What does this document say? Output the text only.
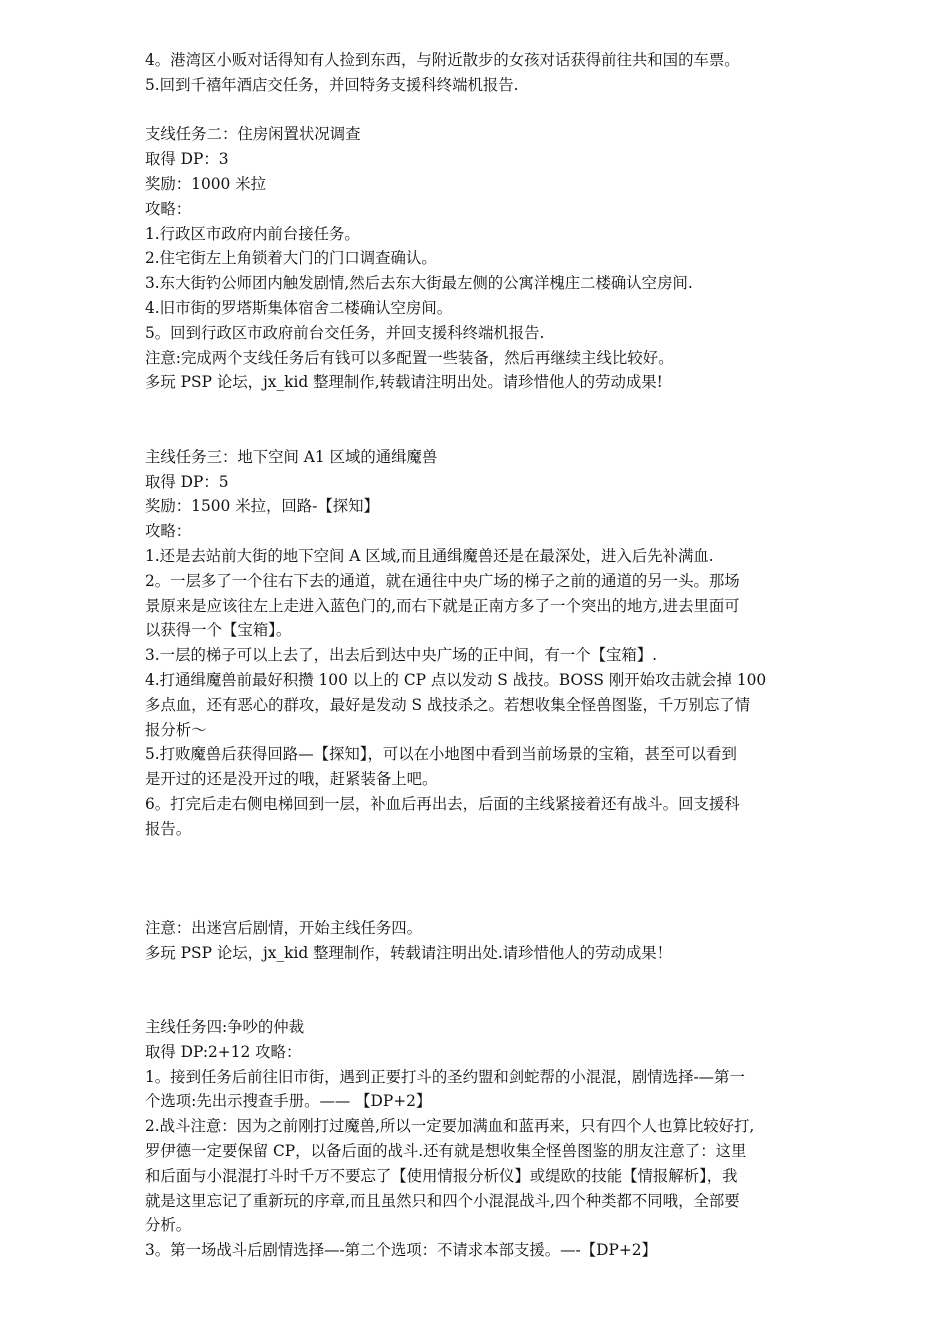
4。港湾区小贩对话得知有人捡到东西，与附近散步的女孩对话获得前往共和国的车票。

5.回到千禧年酒店交任务，并回特务支援科终端机报告.

支线任务二：住房闲置状况调查

取得 DP：3

奖励：1000 米拉

攻略：

1.行政区市政府内前台接任务。

2.住宅街左上角锁着大门的门口调查确认。

3.东大街钓公师团内触发剧情,然后去东大街最左侧的公寓洋槐庄二楼确认空房间.

4.旧市街的罗塔斯集体宿舍二楼确认空房间。

5。回到行政区市政府前台交任务，并回支援科终端机报告.

注意:完成两个支线任务后有钱可以多配置一些装备，然后再继续主线比较好。

多玩 PSP 论坛，jx_kid 整理制作,转载请注明出处。请珍惜他人的劳动成果!

主线任务三：地下空间 A1 区域的通缉魔兽

取得 DP：5

奖励：1500 米拉，回路-【探知】

攻略：

1.还是去站前大街的地下空间 A 区域,而且通缉魔兽还是在最深处，进入后先补满血.

2。一层多了一个往右下去的通道，就在通往中央广场的梯子之前的通道的另一头。那场

景原来是应该往左上走进入蓝色门的,而右下就是正南方多了一个突出的地方,进去里面可

以获得一个【宝箱】。

3.一层的梯子可以上去了，出去后到达中央广场的正中间，有一个【宝箱】.

4.打通缉魔兽前最好积攒 100 以上的 CP 点以发动 S 战技。BOSS 刚开始攻击就会掉 100

多点血，还有恶心的群攻，最好是发动 S 战技杀之。若想收集全怪兽图鉴，千万别忘了情

报分析～

5.打败魔兽后获得回路—【探知】，可以在小地图中看到当前场景的宝箱，甚至可以看到

是开过的还是没开过的哦，赶紧装备上吧。

6。打完后走右侧电梯回到一层，补血后再出去，后面的主线紧接着还有战斗。回支援科

报告。

注意：出迷宫后剧情，开始主线任务四。

多玩 PSP 论坛，jx_kid 整理制作，转载请注明出处.请珍惜他人的劳动成果！

主线任务四:争吵的仲裁

取得 DP:2+12 攻略：

1。接到任务后前往旧市街，遇到正要打斗的圣约盟和剑蛇帮的小混混，剧情选择-—第一

个选项:先出示搜查手册。—— 【DP+2】

2.战斗注意：因为之前刚打过魔兽,所以一定要加满血和蓝再来，只有四个人也算比较好打,

罗伊德一定要保留 CP，以备后面的战斗.还有就是想收集全怪兽图鉴的朋友注意了：这里

和后面与小混混打斗时千万不要忘了【使用情报分析仪】或缇欧的技能【情报解析】，我

就是这里忘记了重新玩的序章,而且虽然只和四个小混混战斗,四个种类都不同哦，全部要

分析。

3。第一场战斗后剧情选择—-第二个选项：不请求本部支援。—-【DP+2】
